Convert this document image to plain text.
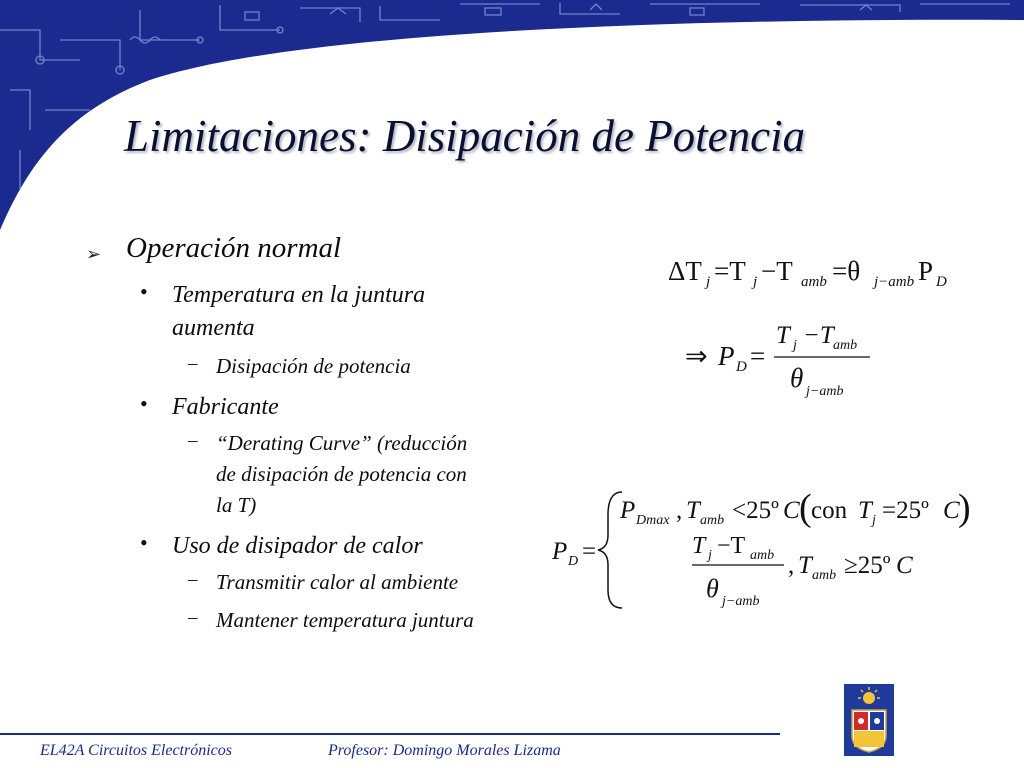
Limitaciones: Disipación de Potencia
➢ Operación normal
• Temperatura en la juntura
aumenta
– Disipación de potencia
• Fabricante
– “Derating Curve” (reducción
de disipación de potencia con
la T)
• Uso de disipador de calor
– Transmitir calor al ambiente
– Mantener temperatura juntura
ΔT j =T j −T amb =θ j−amb P D
⇒ P D =
T j −T amb
θ j−amb
P D =
P Dmax , T amb <25º C ( con T j =25º C
)
T j −T amb
θ j−amb
, T amb ≥25º C
EL42A Circuitos Electrónicos	Profesor: Domingo Morales Lizama
